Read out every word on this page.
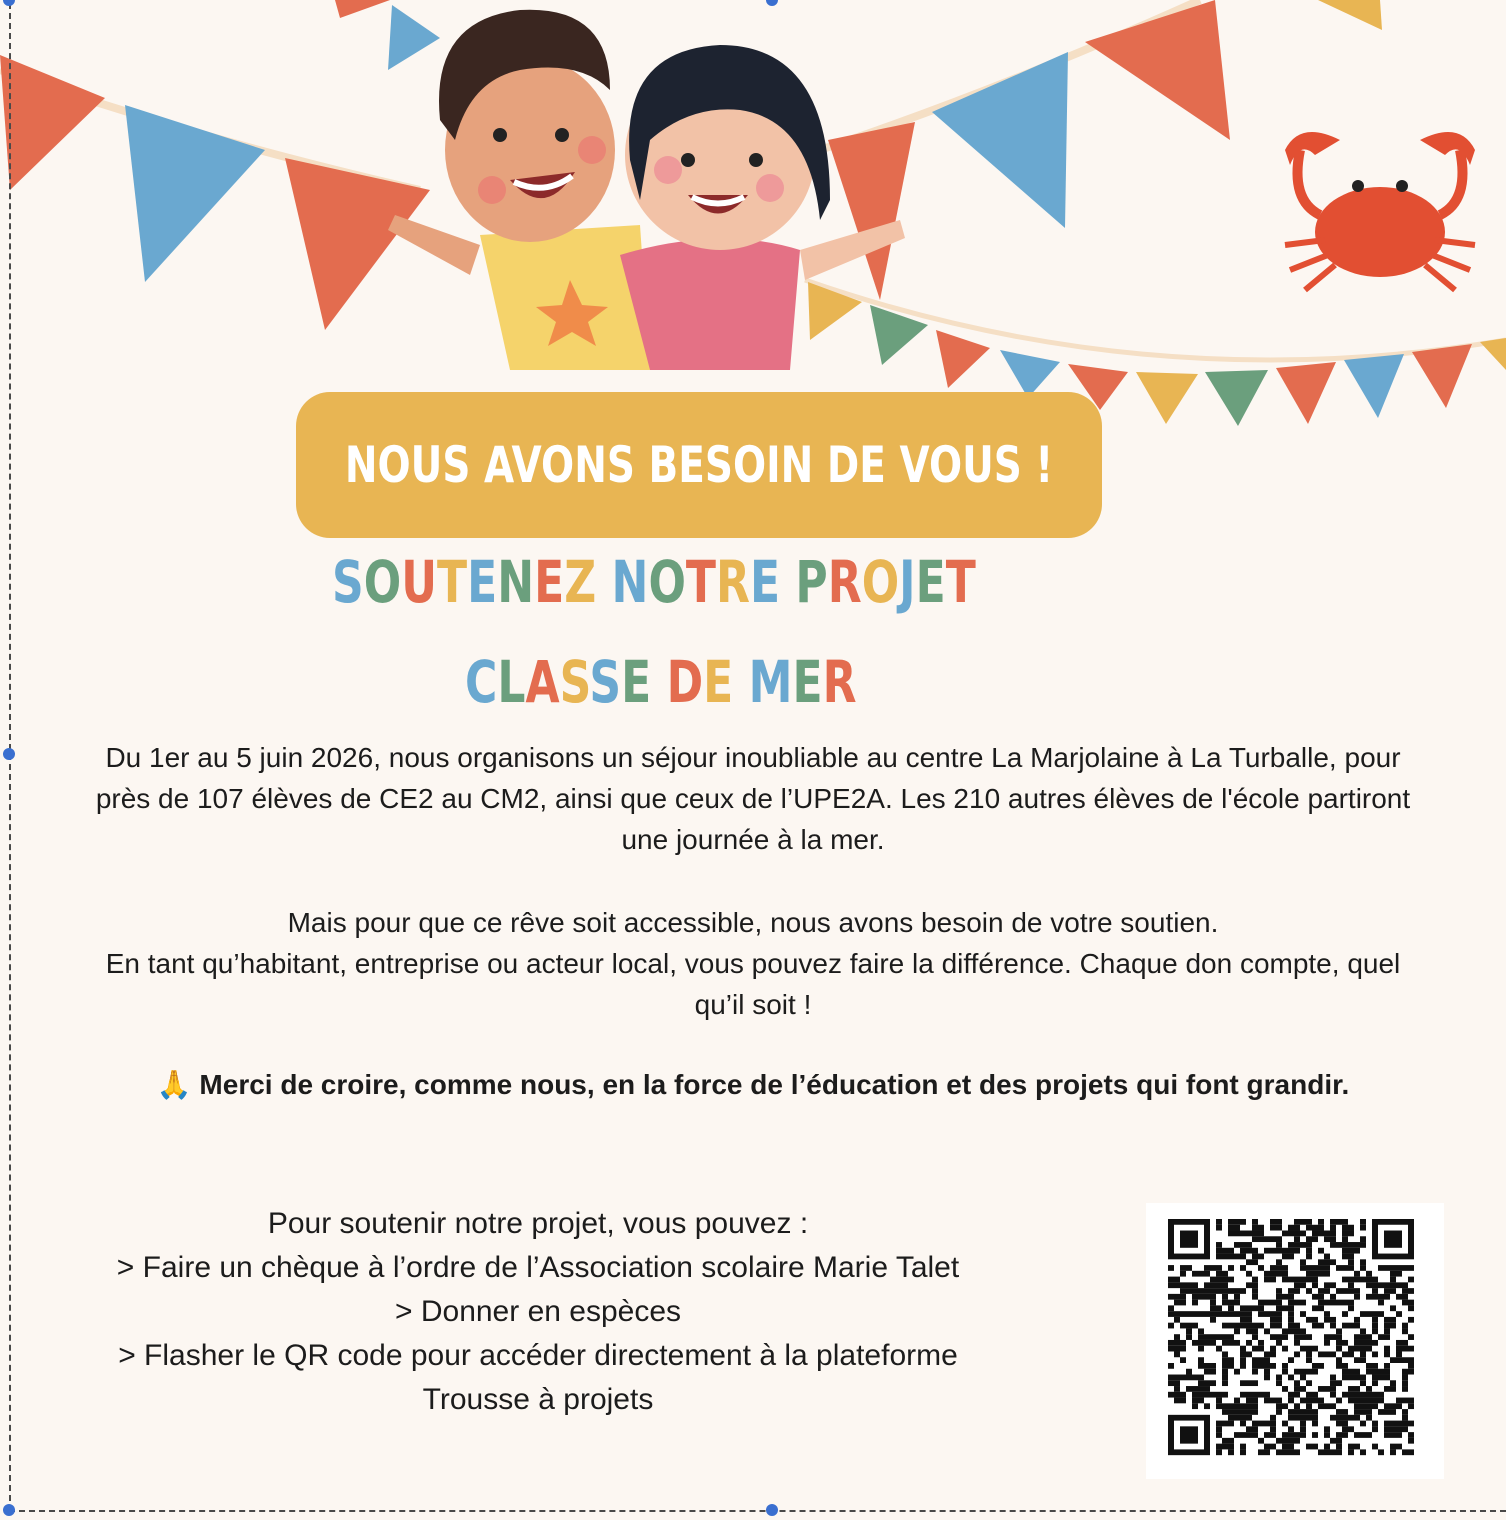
NOUS AVONS BESOIN DE VOUS !
SOUTENEZ NOTRE PROJET
CLASSE DE MER
Du 1er au 5 juin 2026, nous organisons un séjour inoubliable au centre La Marjolaine à La Turballe, pour
près de 107 élèves de CE2 au CM2, ainsi que ceux de l’UPE2A. Les 210 autres élèves de l'école partiront
une journée à la mer.
Mais pour que ce rêve soit accessible, nous avons besoin de votre soutien.
En tant qu’habitant, entreprise ou acteur local, vous pouvez faire la différence. Chaque don compte, quel
qu’il soit !
🙏 Merci de croire, comme nous, en la force de l’éducation et des projets qui font grandir.
Pour soutenir notre projet, vous pouvez :
> Faire un chèque à l’ordre de l’Association scolaire Marie Talet
> Donner en espèces
> Flasher le QR code pour accéder directement à la plateforme
Trousse à projets
